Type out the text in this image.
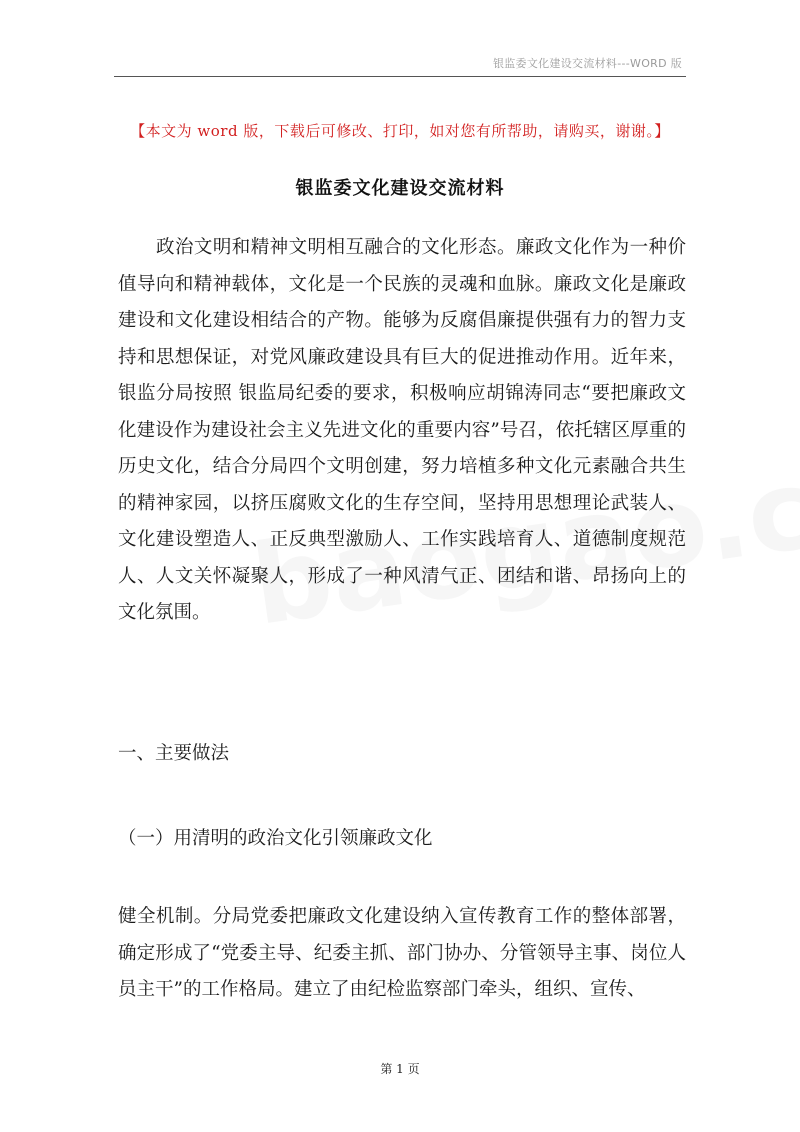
银监委文化建设交流材料---WORD 版
【本文为 word 版，下载后可修改、打印，如对您有所帮助，请购买，谢谢。】
银监委文化建设交流材料

政治文明和精神文明相互融合的文化形态。廉政文化作为一种价值导向和精神载体，文化是一个民族的灵魂和血脉。廉政文化是廉政建设和文化建设相结合的产物。能够为反腐倡廉提供强有力的智力支持和思想保证，对党风廉政建设具有巨大的促进推动作用。近年来，银监分局按照 银监局纪委的要求，积极响应胡锦涛同志“要把廉政文化建设作为建设社会主义先进文化的重要内容”号召，依托辖区厚重的历史文化，结合分局四个文明创建，努力培植多种文化元素融合共生的精神家园，以挤压腐败文化的生存空间，坚持用思想理论武装人、文化建设塑造人、正反典型激励人、工作实践培育人、道德制度规范人、人文关怀凝聚人，形成了一种风清气正、团结和谐、昂扬向上的文化氛围。

一、主要做法

（一）用清明的政治文化引领廉政文化

健全机制。分局党委把廉政文化建设纳入宣传教育工作的整体部署，确定形成了“党委主导、纪委主抓、部门协办、分管领导主事、岗位人员主干”的工作格局。建立了由纪检监察部门牵头，组织、宣传、

第 1 页
